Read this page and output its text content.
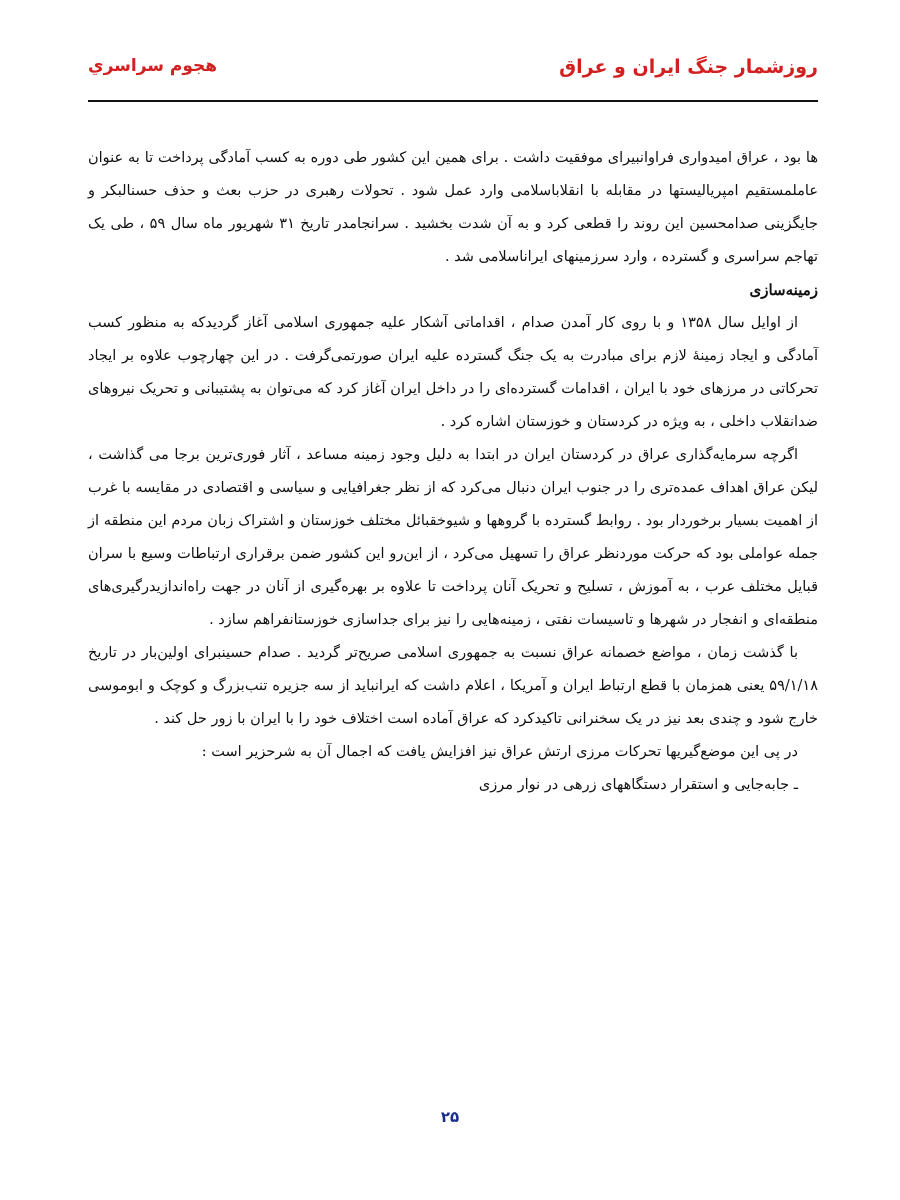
روزشمار جنگ ایران و عراق
هجوم سراسري

ها بود ، عراق امیدواری فراوانبیرای موفقیت داشت . برای همین این کشور طی دوره به کسب آمادگی پرداخت تا به عنوان عاملمستقیم امپریالیستها در مقابله با انقلاباسلامی وارد عمل شود . تحولات رهبری در حزب بعث و حذف حسنالبکر و جایگزینی صدامحسین این روند را قطعی کرد و به آن شدت بخشید . سرانجامدر تاریخ ۳۱ شهریور ماه سال ۵۹ ، طی یک تهاجم سراسری و گسترده ، وارد سرزمینهای ایراناسلامی شد .

زمینه‌سازی

از اوایل سال ۱۳۵۸ و با روی کار آمدن صدام ، اقداماتی آشکار علیه جمهوری اسلامی آغاز گردیدکه به منظور کسب آمادگی و ایجاد زمینهٔ لازم برای مبادرت به یک جنگ گسترده علیه ایران صورتمی‌گرفت . در این چهارچوب علاوه بر ایجاد تحرکاتی در مرزهای خود با ایران ، اقدامات گسترده‌ای را در داخل ایران آغاز کرد که می‌توان به پشتیبانی و تحریک نیروهای ضدانقلاب داخلی ، به ویژه در کردستان و خوزستان اشاره کرد .

اگرچه سرمایه‌گذاری عراق در کردستان ایران در ابتدا به دلیل وجود زمینه مساعد ، آثار فوری‌ترین برجا می گذاشت ، لیکن عراق اهداف عمده‌تری را در جنوب ایران دنبال می‌کرد که از نظر جغرافیایی و سیاسی و اقتصادی در مقایسه با غرب از اهمیت بسیار برخوردار بود . روابط گسترده با گروهها و شیوخقبائل مختلف خوزستان و اشتراک زبان مردم این منطقه از جمله عواملی بود که حرکت موردنظر عراق را تسهیل می‌کرد ، از این‌رو این کشور ضمن برقراری ارتباطات وسیع با سران قبایل مختلف عرب ، به آموزش ، تسلیح و تحریک آنان پرداخت تا علاوه بر بهره‌گیری از آنان در جهت راه‌اندازیدرگیری‌های منطقه‌ای و انفجار در شهرها و تاسیسات نفتی ، زمینه‌هایی را نیز برای جداسازی خوزستانفراهم سازد .

با گذشت زمان ، مواضع خصمانه عراق نسبت به جمهوری اسلامی صریح‌تر گردید . صدام حسینبرای اولین‌بار در تاریخ ۵۹/۱/۱۸ یعنی همزمان با قطع ارتباط ایران و آمریکا ، اعلام داشت که ایرانباید از سه جزیره تنب‌بزرگ و کوچک و ابوموسی خارج شود و چندی بعد نیز در یک سخنرانی تاکیدکرد که عراق آماده است اختلاف خود را با ایران با زور حل کند .

در پی این موضع‌گیریها تحرکات مرزی ارتش عراق نیز افزایش یافت که اجمال آن به شرحزیر است :

ـ جابه‌جایی و استقرار دستگاههای زرهی در نوار مرزی

۲۵
